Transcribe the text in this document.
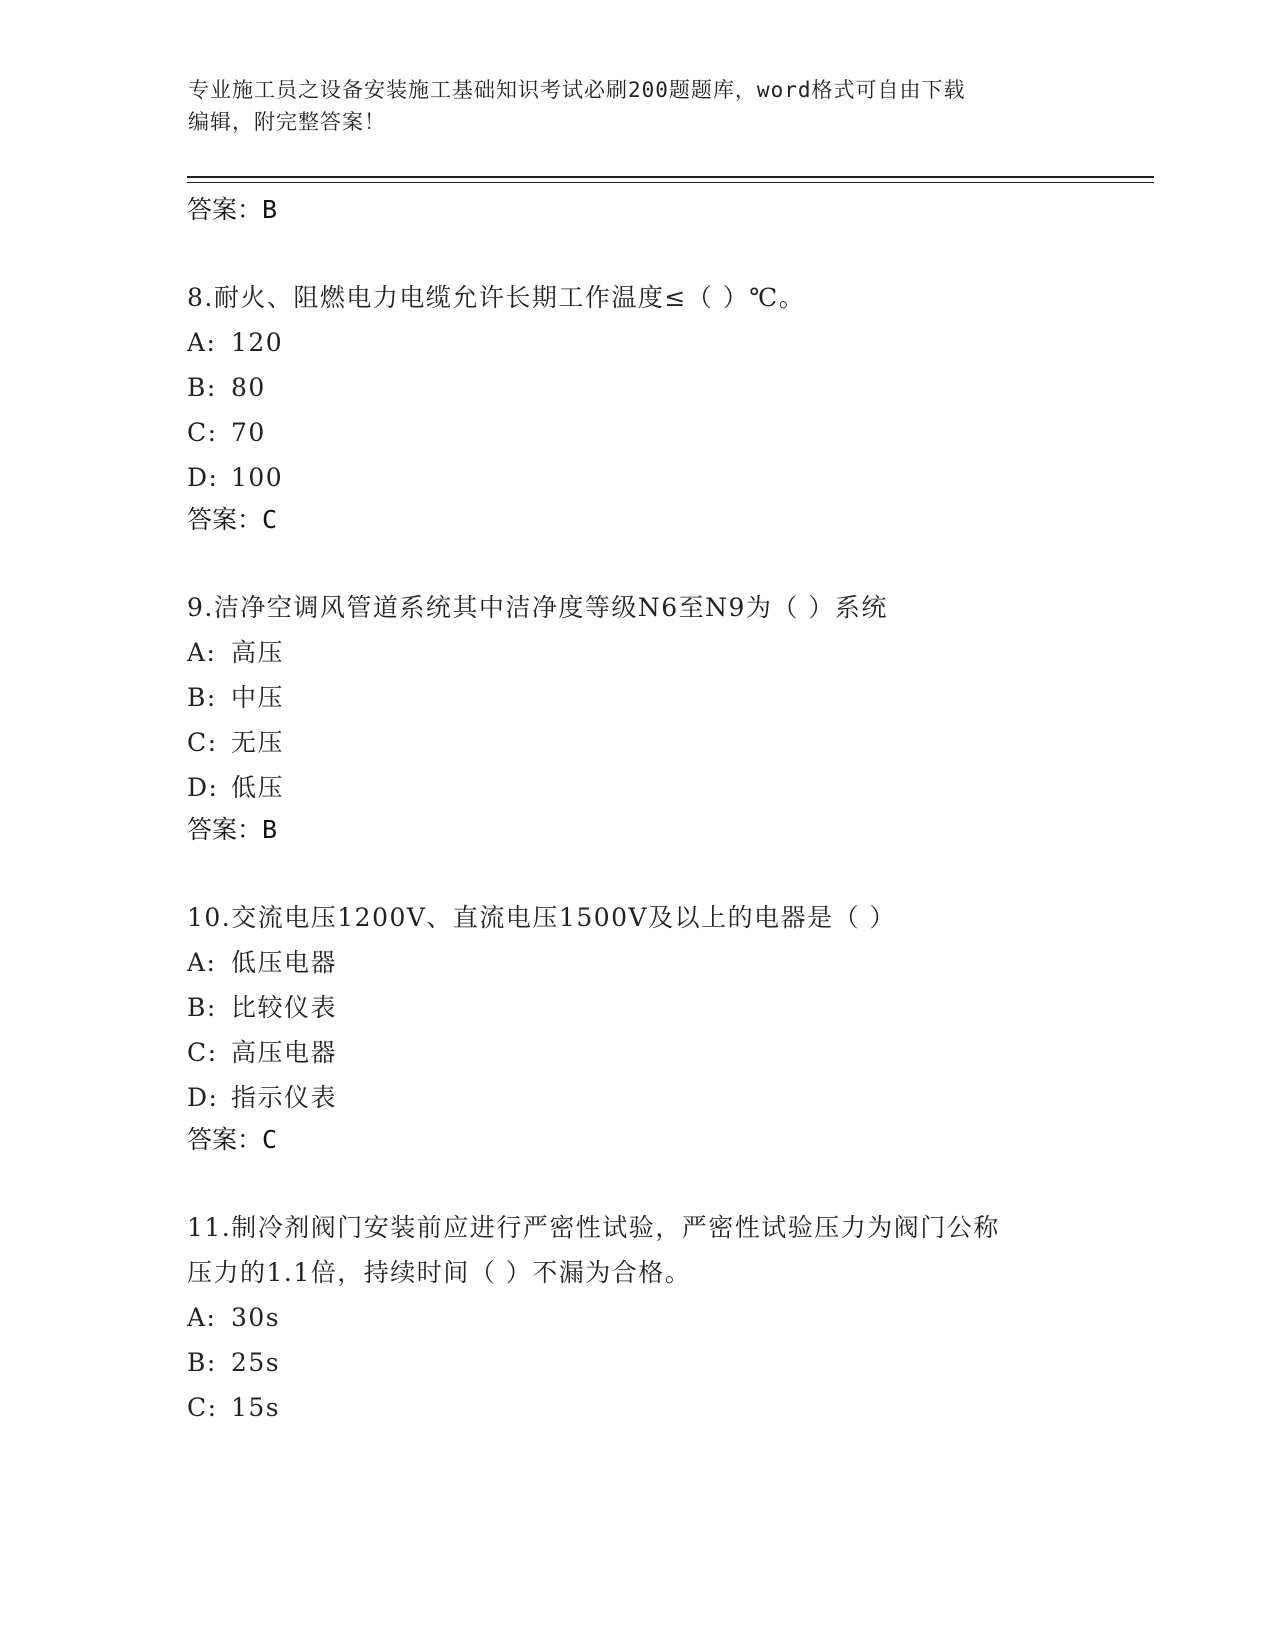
专业施工员之设备安装施工基础知识考试必刷200题题库，word格式可自由下载
编辑，附完整答案！

答案：B

8.耐火、阻燃电力电缆允许长期工作温度≤（ ）℃。

A: 120

B: 80

C: 70

D: 100

答案：C

9.洁净空调风管道系统其中洁净度等级N6至N9为（ ）系统

A: 高压

B: 中压

C: 无压

D: 低压

答案：B

10.交流电压1200V、直流电压1500V及以上的电器是（ ）

A: 低压电器

B: 比较仪表

C: 高压电器

D: 指示仪表

答案：C

11.制冷剂阀门安装前应进行严密性试验，严密性试验压力为阀门公称

压力的1.1倍，持续时间（ ）不漏为合格。

A: 30s

B: 25s

C: 15s
